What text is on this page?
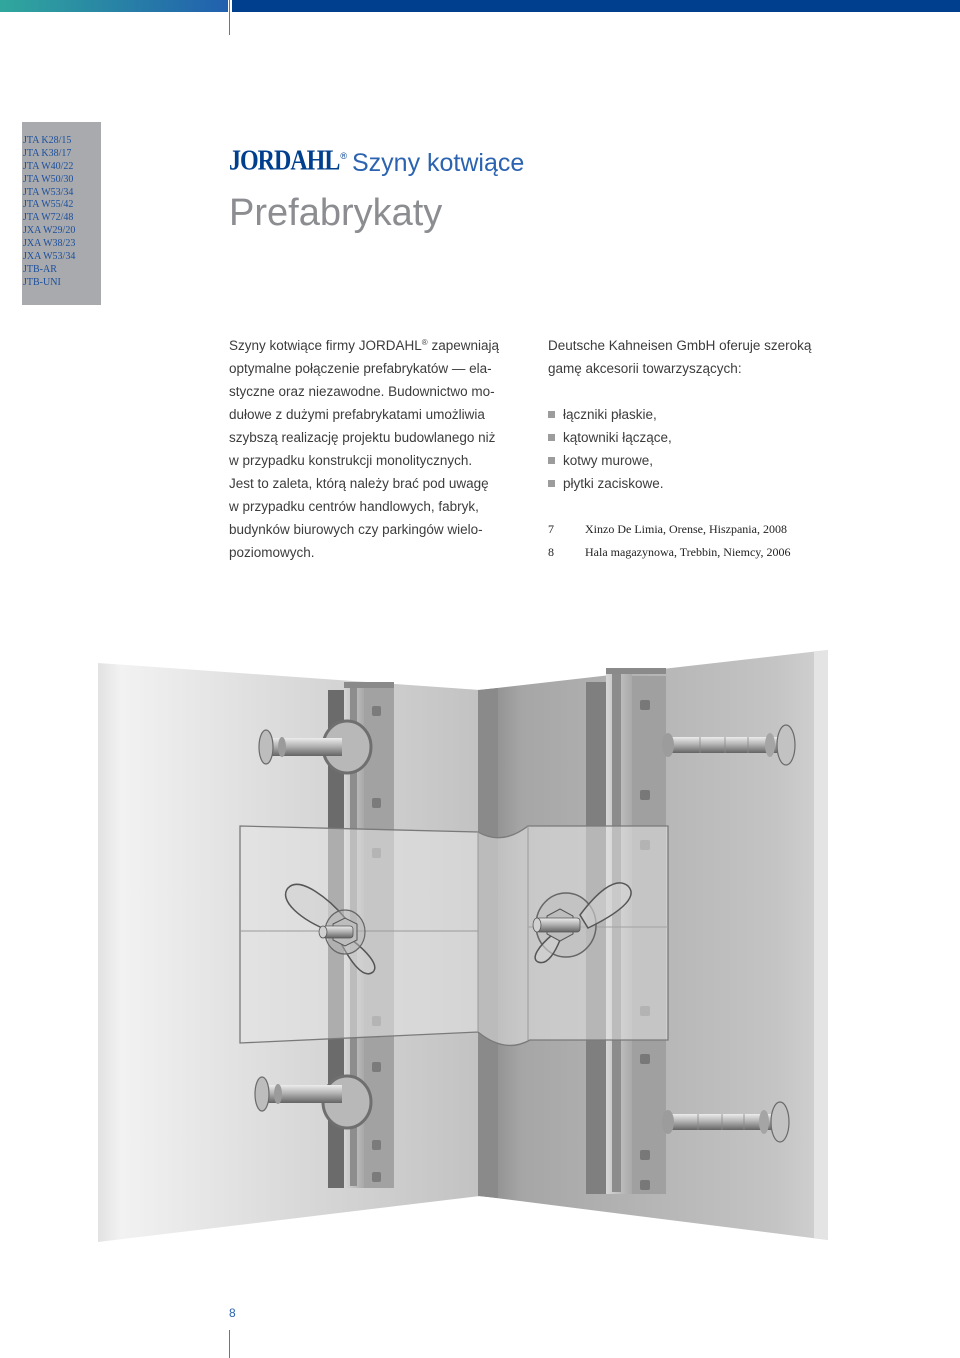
JTA K28/15
JTA K38/17
JTA W40/22
JTA W50/30
JTA W53/34
JTA W55/42
JTA W72/48
JXA W29/20
JXA W38/23
JXA W53/34
JTB-AR
JTB-UNI
JORDAHL ® Szyny kotwiące
Prefabrykaty
Szyny kotwiące firmy JORDAHL® zapewniają
optymalne połączenie prefabrykatów — ela-
styczne oraz niezawodne. Budownictwo mo-
dułowe z dużymi prefabrykatami umożliwia
szybszą realizację projektu budowlanego niż
w przypadku konstrukcji monolitycznych.
Jest to zaleta, którą należy brać pod uwagę
w przypadku centrów handlowych, fabryk,
budynków biurowych czy parkingów wielo-
poziomowych.
Deutsche Kahneisen GmbH oferuje szeroką
gamę akcesorii towarzyszących:
łączniki płaskie,
kątowniki łączące,
kotwy murowe,
płytki zaciskowe.
7	Xinzo De Limia, Orense, Hiszpania, 2008
8	Hala magazynowa, Trebbin, Niemcy, 2006
8
